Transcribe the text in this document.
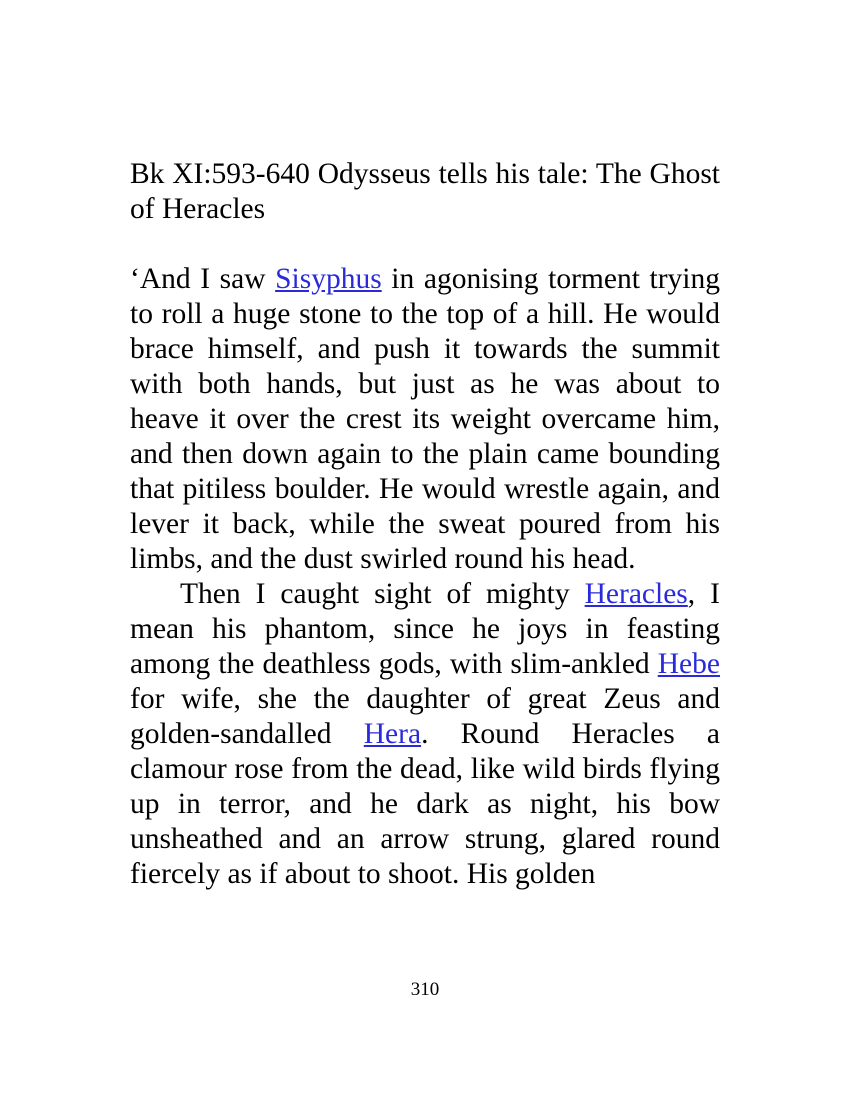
Bk XI:593-640 Odysseus tells his tale: The Ghost of Heracles

‘And I saw Sisyphus in agonising torment trying to roll a huge stone to the top of a hill. He would brace himself, and push it towards the summit with both hands, but just as he was about to heave it over the crest its weight overcame him, and then down again to the plain came bounding that pitiless boulder. He would wrestle again, and lever it back, while the sweat poured from his limbs, and the dust swirled round his head.

Then I caught sight of mighty Heracles, I mean his phantom, since he joys in feasting among the deathless gods, with slim-ankled Hebe for wife, she the daughter of great Zeus and golden-sandalled Hera. Round Heracles a clamour rose from the dead, like wild birds flying up in terror, and he dark as night, his bow unsheathed and an arrow strung, glared round fiercely as if about to shoot. His golden

310
